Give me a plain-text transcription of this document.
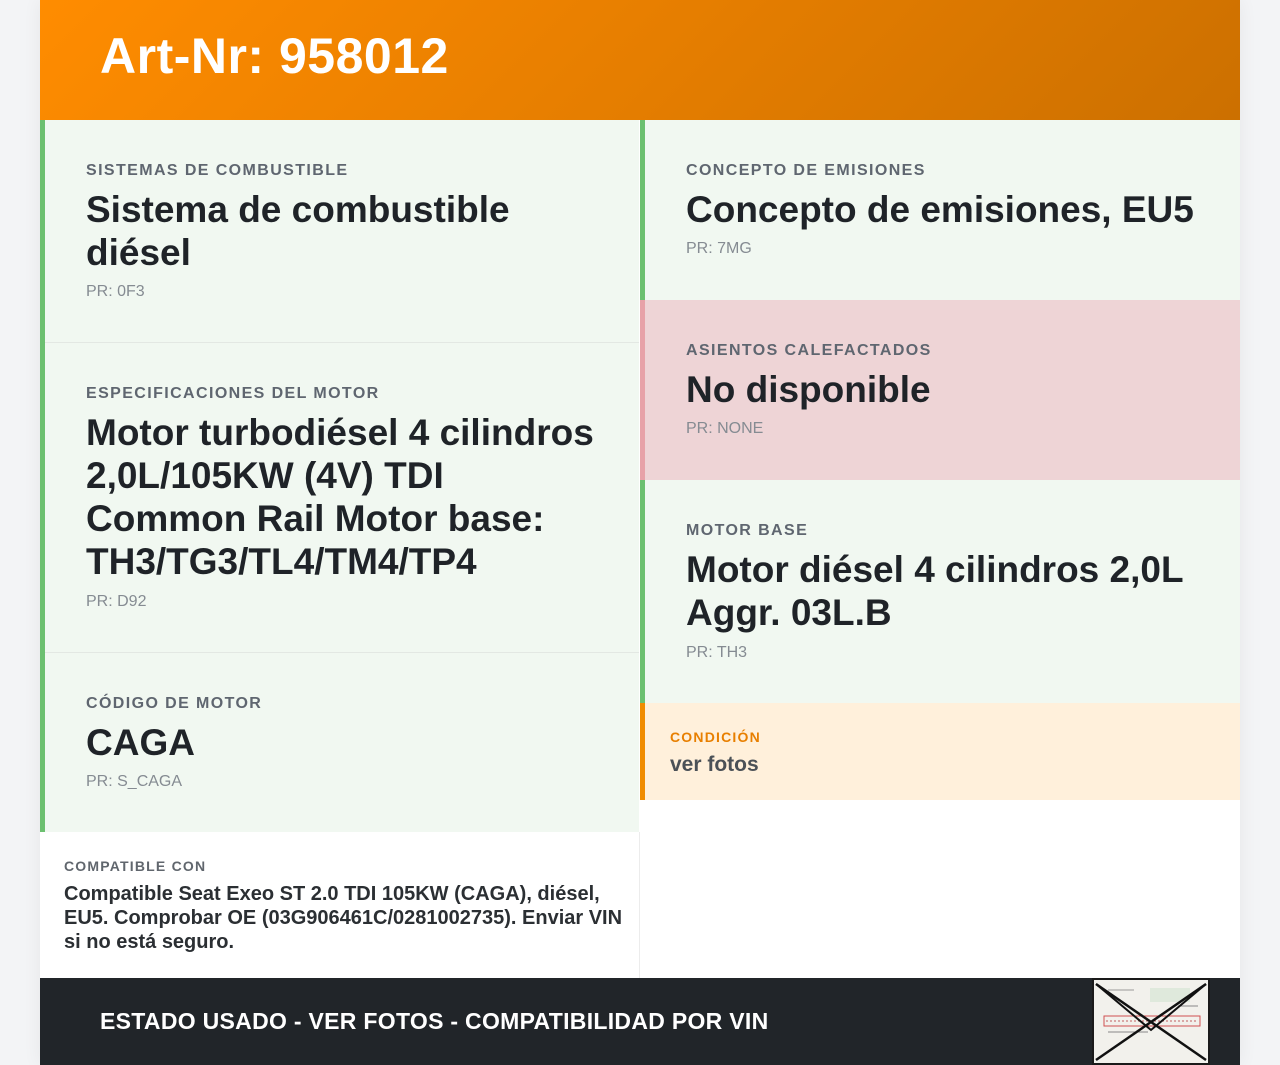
Art-Nr: 958012
SISTEMAS DE COMBUSTIBLE
Sistema de combustible diésel
PR: 0F3
ESPECIFICACIONES DEL MOTOR
Motor turbodiésel 4 cilindros 2,0L/105KW (4V) TDI Common Rail Motor base: TH3/TG3/TL4/TM4/TP4
PR: D92
CÓDIGO DE MOTOR
CAGA
PR: S_CAGA
CONCEPTO DE EMISIONES
Concepto de emisiones, EU5
PR: 7MG
ASIENTOS CALEFACTADOS
No disponible
PR: NONE
MOTOR BASE
Motor diésel 4 cilindros 2,0L Aggr. 03L.B
PR: TH3
CONDICIÓN
ver fotos
COMPATIBLE CON
Compatible Seat Exeo ST 2.0 TDI 105KW (CAGA), diésel, EU5. Comprobar OE (03G906461C/0281002735). Enviar VIN si no está seguro.
ESTADO USADO - VER FOTOS - COMPATIBILIDAD POR VIN
